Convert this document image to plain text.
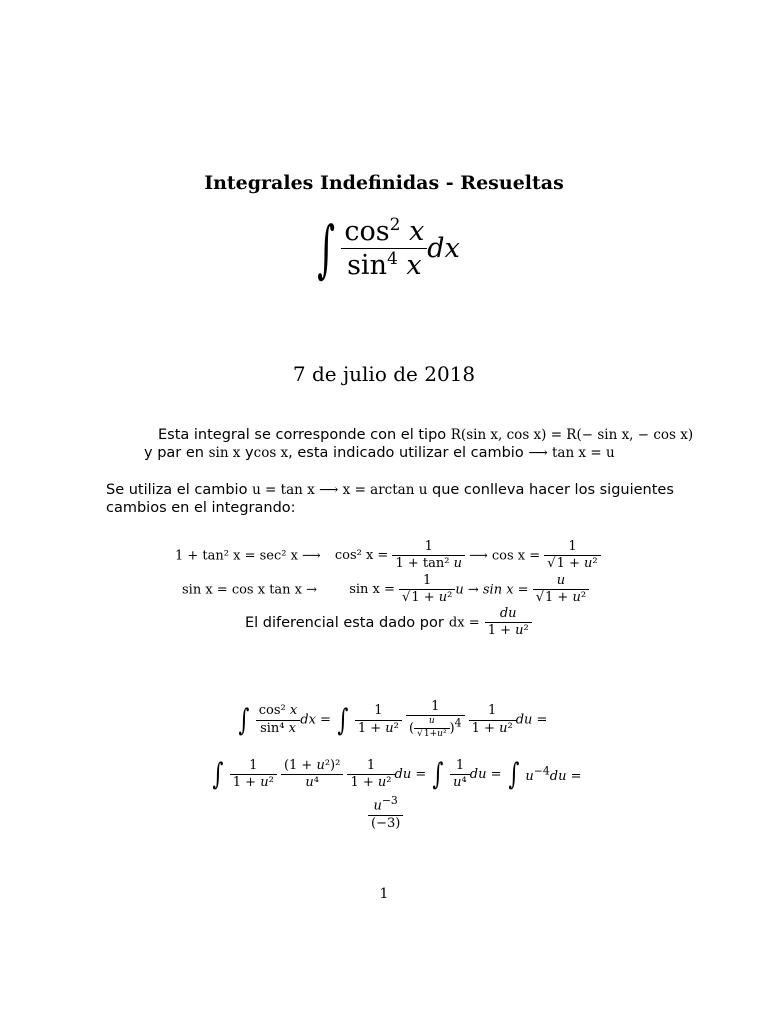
Integrales Indefinidas - Resueltas
∫ $\frac{\cos^2 x}{\sin^4 x}$ dx
7 de julio de 2018
Esta integral se corresponde con el tipo R(sin x, cos x) = R(− sin x, − cos x)
y par en sin x ycos x, esta indicado utilizar el cambio ⟶ tan x = u
Se utiliza el cambio u = tan x ⟶ x = arctan u que conlleva hacer los siguientes
cambios en el integrando:
1 + tan² x = sec² x ⟶ cos² $x = \frac{1}{\text{1 + tan² u}}$ ⟶ $\cos x = \frac{1}{\text{√1 + u²}}$
sin x = cos x $\tan x \to \sin x = \frac{1}{\text{√1 + u²}}$ $u \to \sin x = \frac{u}{\text{√1 + u²}}$
El diferencial esta dado por dx = $\frac{du}{\text{1 + u²}}$
∫ $\frac{\text{cos² x}}{\text{sin⁴ x}}$ dx = ∫ $\frac{1}{\text{1 + u²}}$
$\frac{1}{( \frac{u}{\text{√1+u²}} )^4}$
$\frac{1}{\text{1 + u²}}$ du =
∫ $\frac{1}{\text{1 + u²}}$
$\frac{\text{(1 + u²)²}}{\text{u⁴}}$
$\frac{1}{\text{1 + u²}}$ du = ∫ $\frac{1}{\text{u⁴}}$ du = ∫ $u^{-4}du$ =
$\frac{u^{-3}}{(-3)}$
1
